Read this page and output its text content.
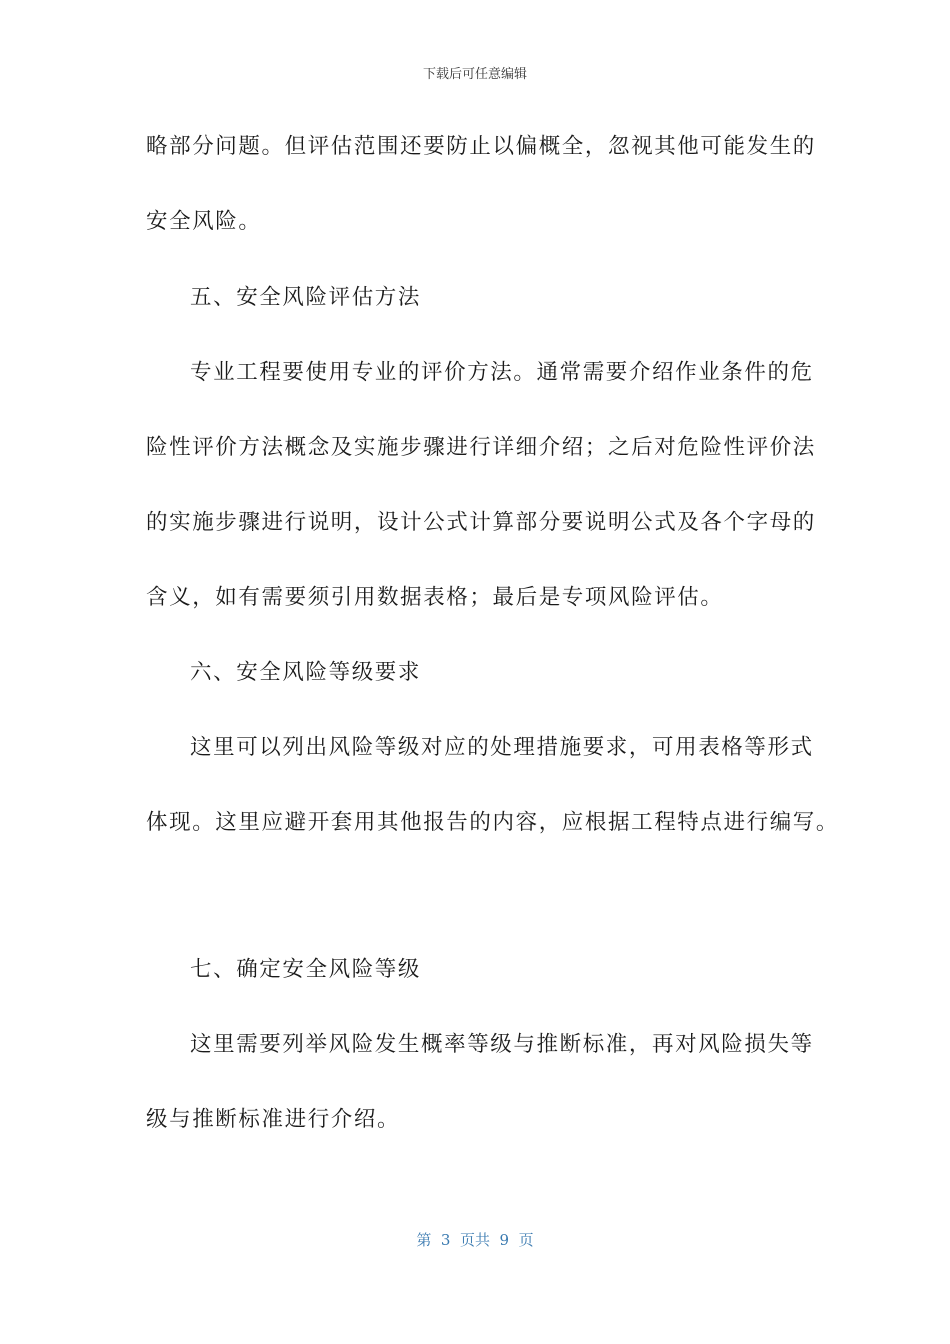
下载后可任意编辑
略部分问题。但评估范围还要防止以偏概全，忽视其他可能发生的
安全风险。
五、安全风险评估方法
专业工程要使用专业的评价方法。通常需要介绍作业条件的危
险性评价方法概念及实施步骤进行详细介绍；之后对危险性评价法
的实施步骤进行说明，设计公式计算部分要说明公式及各个字母的
含义，如有需要须引用数据表格；最后是专项风险评估。
六、安全风险等级要求
这里可以列出风险等级对应的处理措施要求，可用表格等形式
体现。这里应避开套用其他报告的内容，应根据工程特点进行编写。
七、确定安全风险等级
这里需要列举风险发生概率等级与推断标准，再对风险损失等
级与推断标准进行介绍。
第  3  页共  9  页
